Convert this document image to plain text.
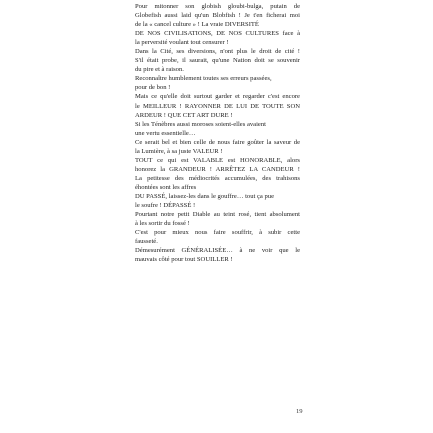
Pour mitonner son globish gloubi-bulga, putain de
Globefish aussi laid qu'un Blobfish ! Je t'en ficherai moi
de la « cancel culture » ! La vraie DIVERSITÉ
DE NOS CIVILISATIONS, DE NOS CULTURES face à
la perversité voulant tout censurer !
Dans la Cité, ses diversions, n'ont plus le droit de cité !
S'il était probe, il saurait, qu'une Nation doit se souvenir
du pire et à raison.
Reconnaître humblement toutes ses erreurs passées,
pour de bon !
Mais ce qu'elle doit surtout garder et regarder c'est encore
le MEILLEUR ! RAYONNER DE LUI DE TOUTE SON
ARDEUR ! QUE CET ART DURE !
Si les Ténèbres aussi moroses soient-elles avaient
une vertu essentielle…
Ce serait bel et bien celle de nous faire goûter la saveur de
la Lumière, à sa juste VALEUR !
TOUT ce qui est VALABLE est HONORABLE, alors
honorez la GRANDEUR ! ARRÊTEZ LA CANDEUR !
La petitesse des médiocrités accumulées, des trahisons
éhontées sont les affres
DU PASSÉ, laissez-les dans le gouffre… tout ça pue
le soufre ! DÉPASSÉ !
Pourtant notre petit Diable au teint rosé, tient absolument
à les sortir du fossé !
C'est pour mieux nous faire souffrir, à subir cette
fausseté.
Démesurément GÉNÉRALISÉE… à ne voir que le
mauvais côté pour tout SOUILLER !
19
